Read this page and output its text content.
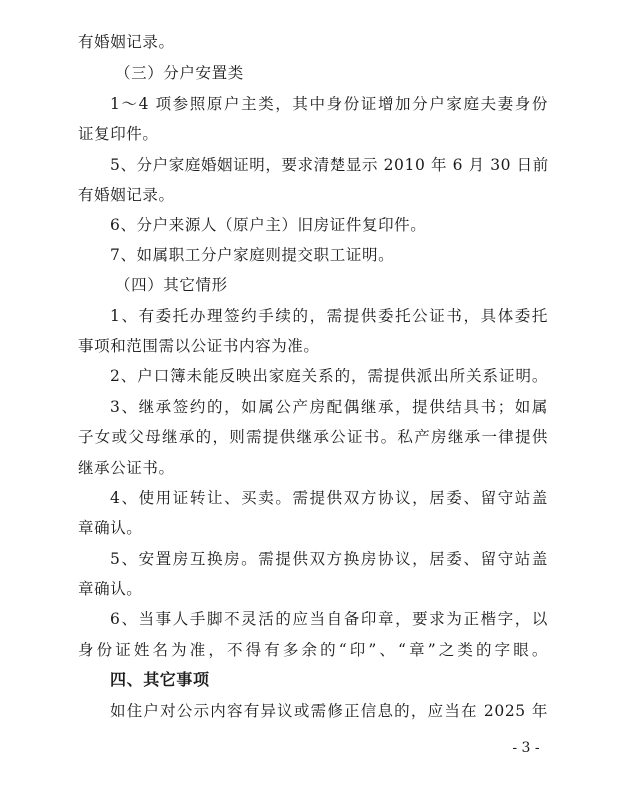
有婚姻记录。
（三）分户安置类
1～4 项参照原户主类，其中身份证增加分户家庭夫妻身份
证复印件。
5、分户家庭婚姻证明，要求清楚显示 2010 年 6 月 30 日前
有婚姻记录。
6、分户来源人（原户主）旧房证件复印件。
7、如属职工分户家庭则提交职工证明。
（四）其它情形
1、有委托办理签约手续的，需提供委托公证书，具体委托
事项和范围需以公证书内容为准。
2、户口簿未能反映出家庭关系的，需提供派出所关系证明。
3、继承签约的，如属公产房配偶继承，提供结具书；如属
子女或父母继承的，则需提供继承公证书。私产房继承一律提供
继承公证书。
4、使用证转让、买卖。需提供双方协议，居委、留守站盖
章确认。
5、安置房互换房。需提供双方换房协议，居委、留守站盖
章确认。
6、当事人手脚不灵活的应当自备印章，要求为正楷字，以
身份证姓名为准，不得有多余的“印”、“章”之类的字眼。
四、其它事项
如住户对公示内容有异议或需修正信息的，应当在 2025 年
- 3 -
